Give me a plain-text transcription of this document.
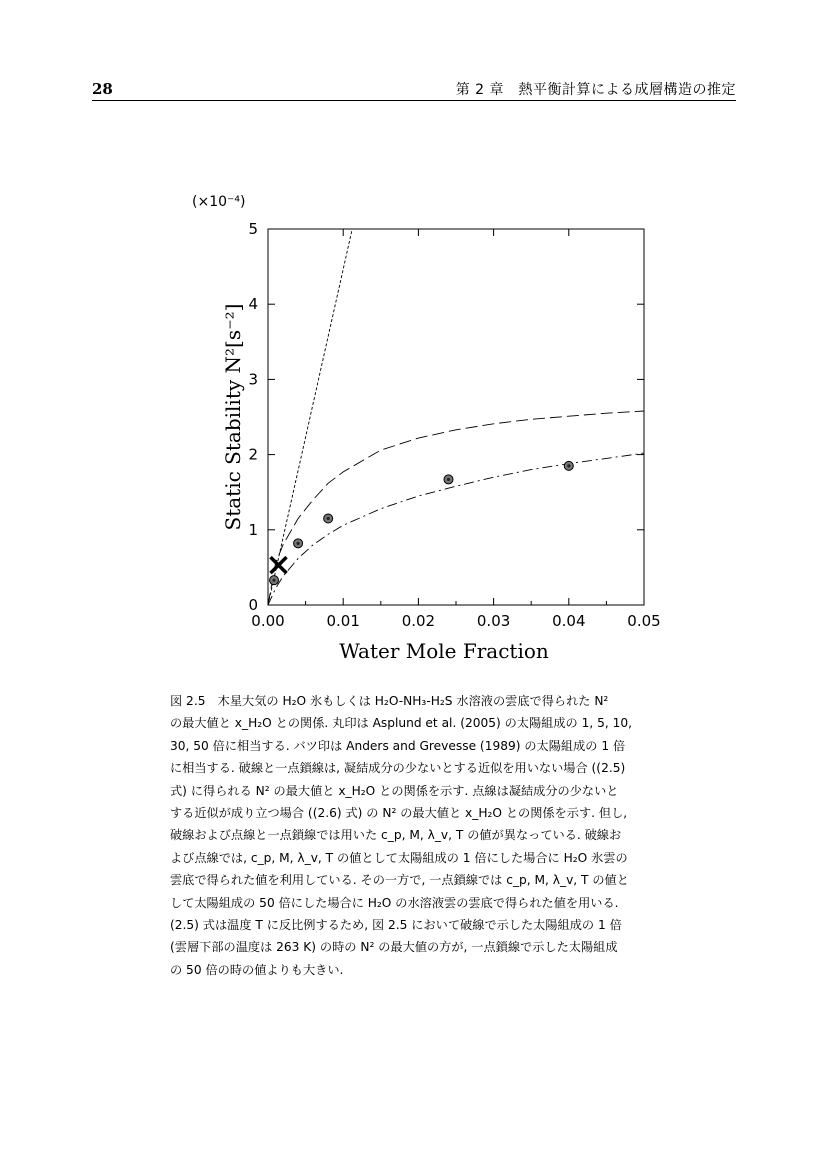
28	第 2 章　熱平衡計算による成層構造の推定
0
1
2
3
4
5
0.00	0.01	0.02	0.03	0.04	0.05
(×10⁻⁴)
Water Mole Fraction
Static Stability N²[s⁻²]
図 2.5　木星大気の H₂O 氷もしくは H₂O-NH₃-H₂S 水溶液の雲底で得られた N²
の最大値と x_H₂O との関係. 丸印は Asplund et al. (2005) の太陽組成の 1, 5, 10,
30, 50 倍に相当する. バツ印は Anders and Grevesse (1989) の太陽組成の 1 倍
に相当する. 破線と一点鎖線は, 凝結成分の少ないとする近似を用いない場合 ((2.5)
式) に得られる N² の最大値と x_H₂O との関係を示す. 点線は凝結成分の少ないと
する近似が成り立つ場合 ((2.6) 式) の N² の最大値と x_H₂O との関係を示す. 但し,
破線および点線と一点鎖線では用いた c_p, M, λ_v, T の値が異なっている. 破線お
よび点線では, c_p, M, λ_v, T の値として太陽組成の 1 倍にした場合に H₂O 氷雲の
雲底で得られた値を利用している. その一方で, 一点鎖線では c_p, M, λ_v, T の値と
して太陽組成の 50 倍にした場合に H₂O の水溶液雲の雲底で得られた値を用いる.
(2.5) 式は温度 T に反比例するため, 図 2.5 において破線で示した太陽組成の 1 倍
(雲層下部の温度は 263 K) の時の N² の最大値の方が, 一点鎖線で示した太陽組成
の 50 倍の時の値よりも大きい.
